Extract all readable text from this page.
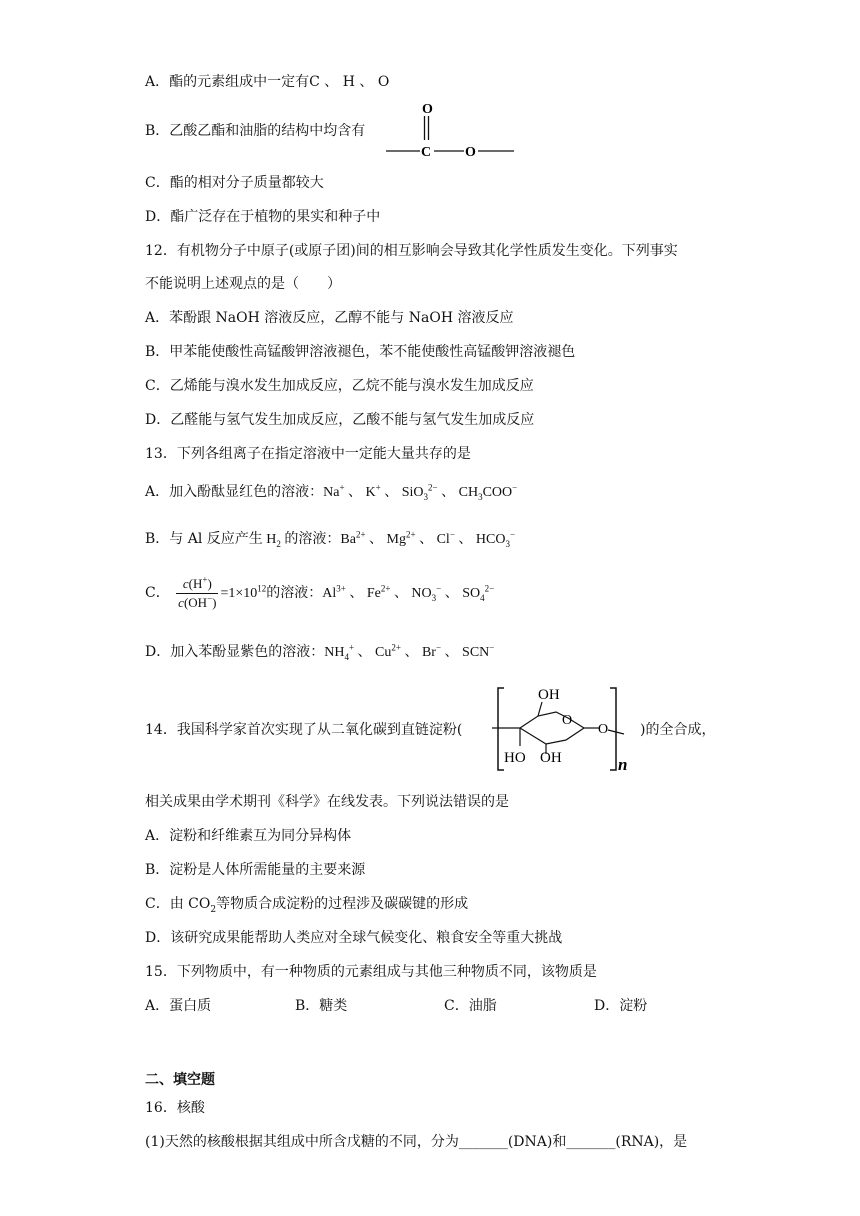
A．酯的元素组成中一定有C 、 H 、 O
B．乙酸乙酯和油脂的结构中均含有
O
C O
C．酯的相对分子质量都较大
D．酯广泛存在于植物的果实和种子中
12．有机物分子中原子(或原子团)间的相互影响会导致其化学性质发生变化。下列事实
不能说明上述观点的是（　　）
A．苯酚跟 NaOH 溶液反应，乙醇不能与 NaOH 溶液反应
B．甲苯能使酸性高锰酸钾溶液褪色，苯不能使酸性高锰酸钾溶液褪色
C．乙烯能与溴水发生加成反应，乙烷不能与溴水发生加成反应
D．乙醛能与氢气发生加成反应，乙酸不能与氢气发生加成反应
13．下列各组离子在指定溶液中一定能大量共存的是
A．加入酚酞显红色的溶液：Na+ 、 K+ 、 SiO$_3^{2-}$ 、 $CH_3COO^-$
B．与 Al 反应产生 $H_2$ 的溶液：$Ba^{2+}$ 、 $Mg^{2+}$ 、 Cl− 、 $HCO_3^-$
C． $\frac{c(H^+)}{c(OH^-)} =1\times 10^{12}$的溶液：$Al^{3+}$ 、 $Fe^{2+}$ 、 $NO_3^-$ 、 $SO_4^{2-}$
D．加入苯酚显紫色的溶液：$NH_4^+$ 、 $Cu^{2+}$ 、 Br− 、 SCN−
14．我国科学家首次实现了从二氧化碳到直链淀粉(
OH
O
O
HO OH	n
)的全合成，
相关成果由学术期刊《科学》在线发表。下列说法错误的是
A．淀粉和纤维素互为同分异构体
B．淀粉是人体所需能量的主要来源
C．由 $CO_2$等物质合成淀粉的过程涉及碳碳键的形成
D．该研究成果能帮助人类应对全球气候变化、粮食安全等重大挑战
15．下列物质中，有一种物质的元素组成与其他三种物质不同，该物质是
A．蛋白质	B．糖类	C．油脂	D．淀粉
二、填空题
16．核酸
(1)天然的核酸根据其组成中所含戊糖的不同，分为_______(DNA)和_______(RNA)，是
